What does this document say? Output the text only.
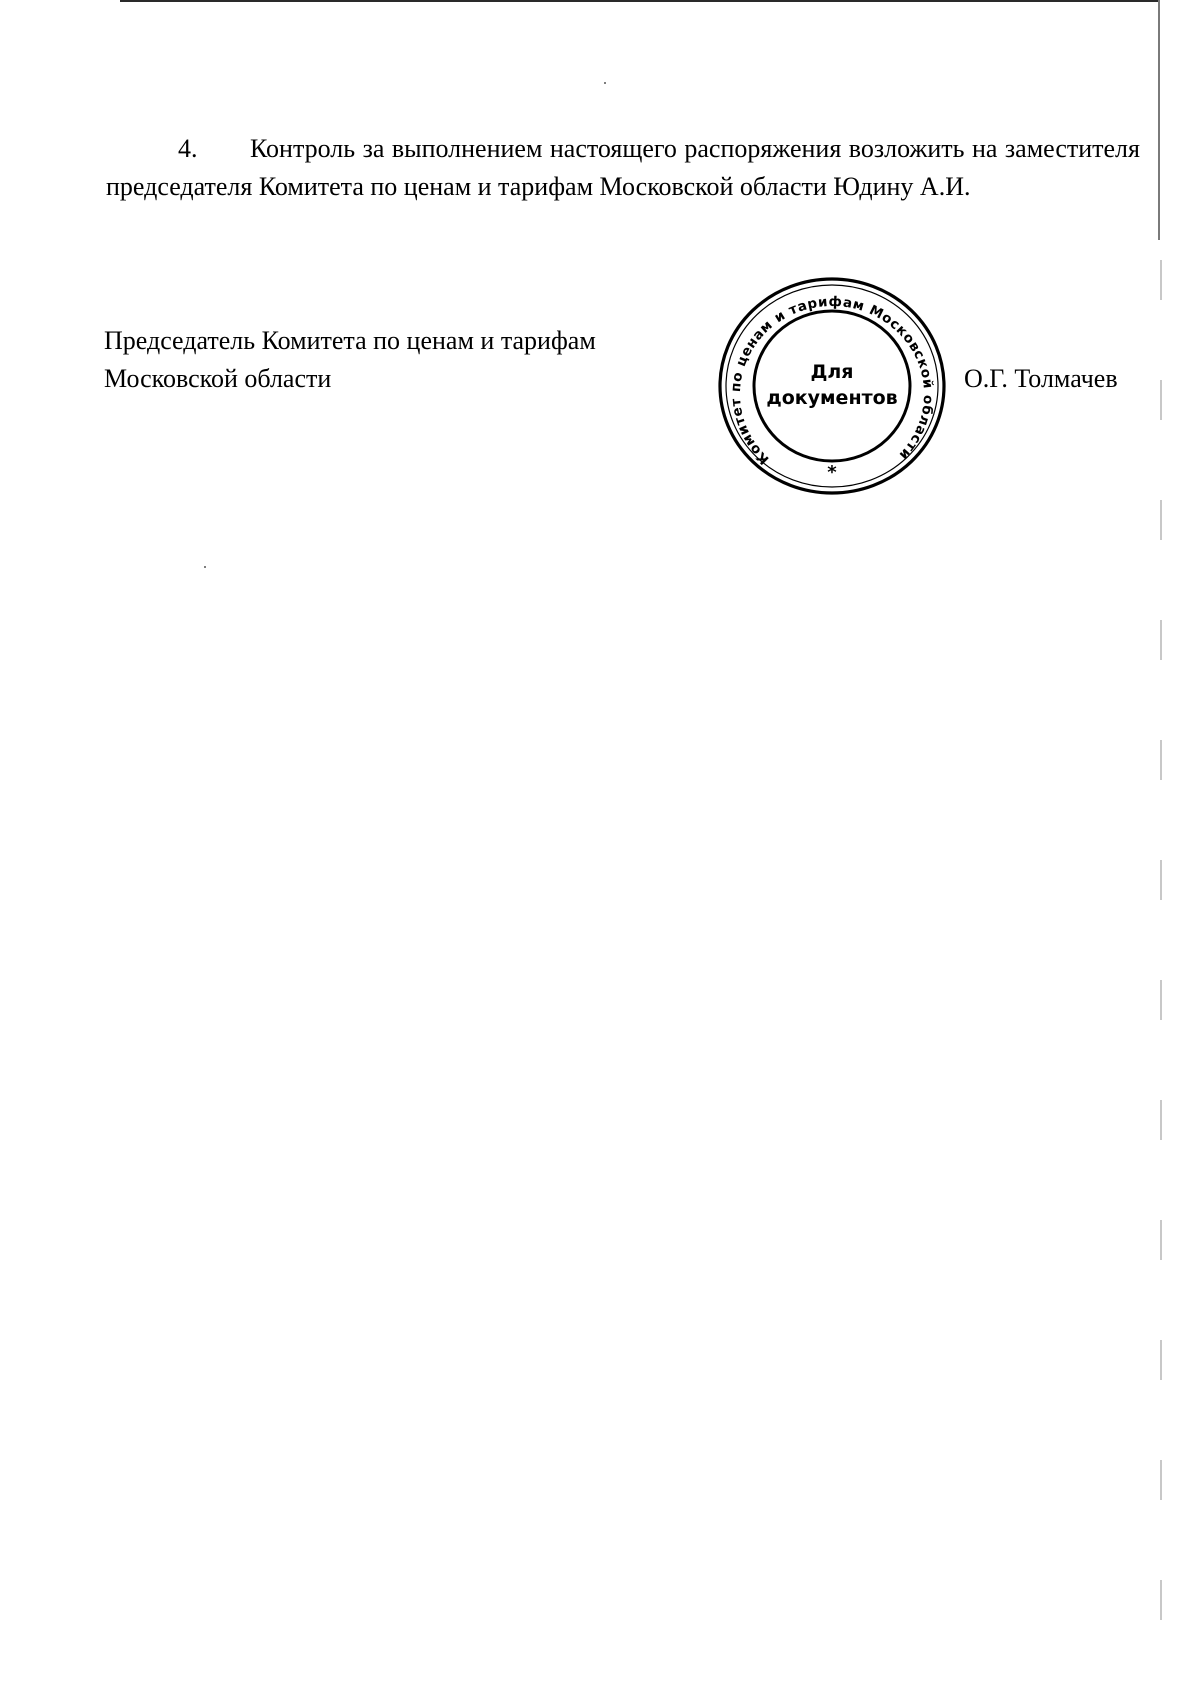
4. Контроль за выполнением настоящего распоряжения возложить на заместителя председателя Комитета по ценам и тарифам Московской области Юдину А.И.

Председатель Комитета по ценам и тарифам
Московской области
Комитет по ценам и тарифам Московской области
Для
документов
*
О.Г. Толмачев
